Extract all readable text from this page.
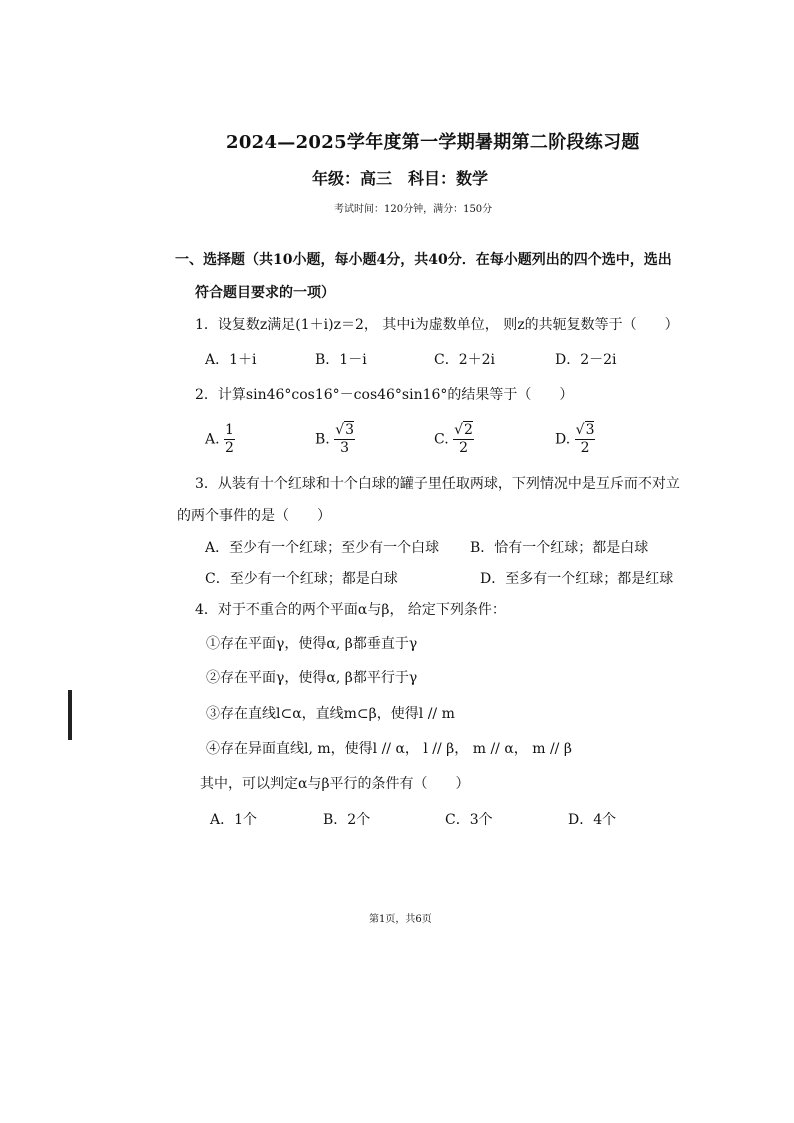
2024—2025学年度第一学期暑期第二阶段练习题
年级：高三　科目：数学
考试时间：120分钟，满分：150分
一、选择题（共10小题，每小题4分，共40分．在每小题列出的四个选中，选出
符合题目要求的一项）
1．设复数z满足(1＋i)z＝2， 其中i为虚数单位， 则z的共轭复数等于（　　）
A．1＋i	B．1－i	C．2＋2i	D．2－2i
2．计算sin46°cos16°－cos46°sin16°的结果等于（　　）
A. $\frac{1}{2}$	B. $\frac{√3}{3}$	C. $\frac{√2}{2}$	D. $\frac{√3}{2}$
3．从装有十个红球和十个白球的罐子里任取两球，下列情况中是互斥而不对立
的两个事件的是（　　）
A．至少有一个红球；至少有一个白球 B．恰有一个红球；都是白球
C．至少有一个红球；都是白球	D．至多有一个红球；都是红球
4．对于不重合的两个平面α与β， 给定下列条件：
①存在平面γ，使得α, β都垂直于γ
②存在平面γ，使得α, β都平行于γ
③存在直线l⊂α，直线m⊂β，使得l // m
④存在异面直线l, m，使得l // α， l // β， m // α， m // β
其中，可以判定α与β平行的条件有（　　）
A．1个	B．2个	C．3个	D．4个
第1页，共6页
